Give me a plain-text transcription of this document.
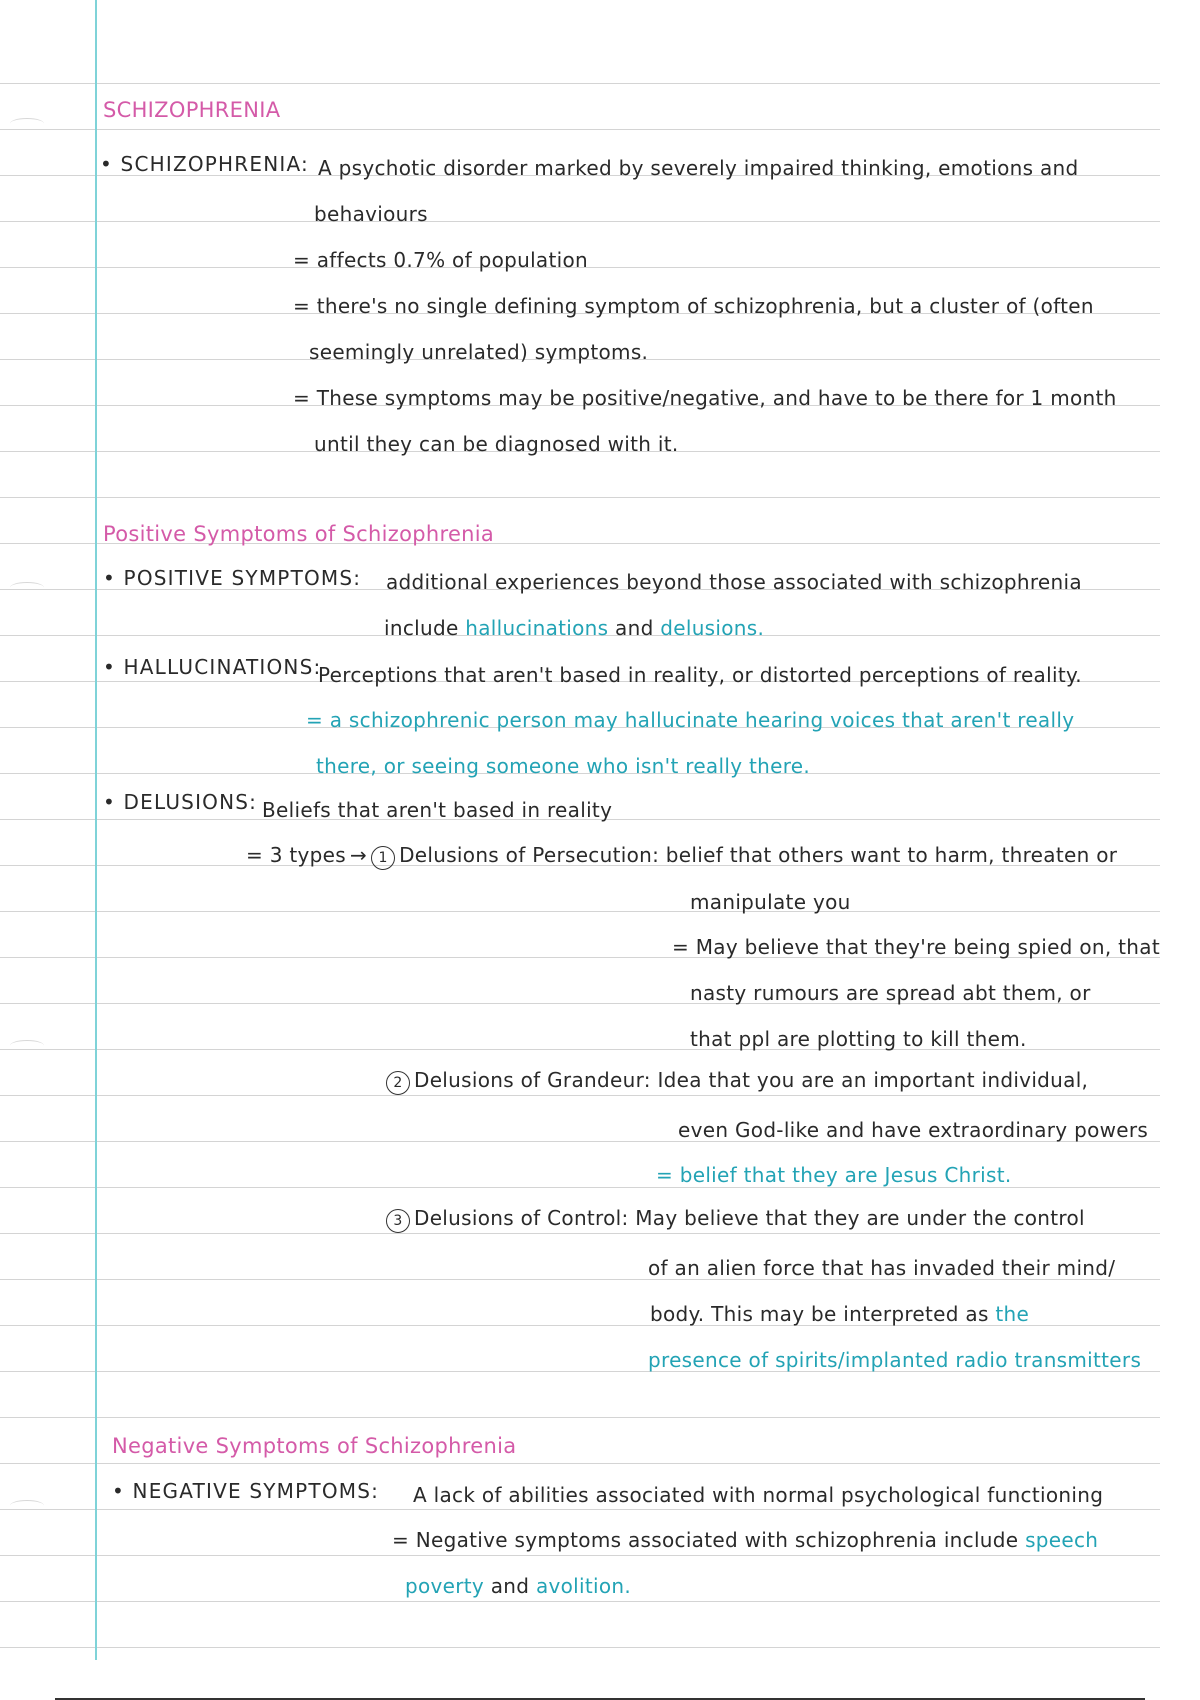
SCHIZOPHRENIA
• SCHIZOPHRENIA: A psychotic disorder marked by severely impaired thinking, emotions and
behaviours
= affects 0.7% of population
= there's no single defining symptom of schizophrenia, but a cluster of (often
seemingly unrelated) symptoms.
= These symptoms may be positive/negative, and have to be there for 1 month
until they can be diagnosed with it.
Positive Symptoms of Schizophrenia
• POSITIVE SYMPTOMS: additional experiences beyond those associated with schizophrenia
include hallucinations and delusions.
• HALLUCINATIONS:
Perceptions that aren't based in reality, or distorted perceptions of reality.
= a schizophrenic person may hallucinate hearing voices that aren't really
there, or seeing someone who isn't really there.
• DELUSIONS: Beliefs that aren't based in reality
= 3 types → 1 Delusions of Persecution: belief that others want to harm, threaten or
manipulate you
= May believe that they're being spied on, that
nasty rumours are spread abt them, or
that ppl are plotting to kill them.
2 Delusions of Grandeur: Idea that you are an important individual,
even God-like and have extraordinary powers
= belief that they are Jesus Christ.
3 Delusions of Control: May believe that they are under the control
of an alien force that has invaded their mind/
body. This may be interpreted as the
presence of spirits/implanted radio transmitters
Negative Symptoms of Schizophrenia
• NEGATIVE SYMPTOMS: A lack of abilities associated with normal psychological functioning
= Negative symptoms associated with schizophrenia include speech
poverty and avolition.
